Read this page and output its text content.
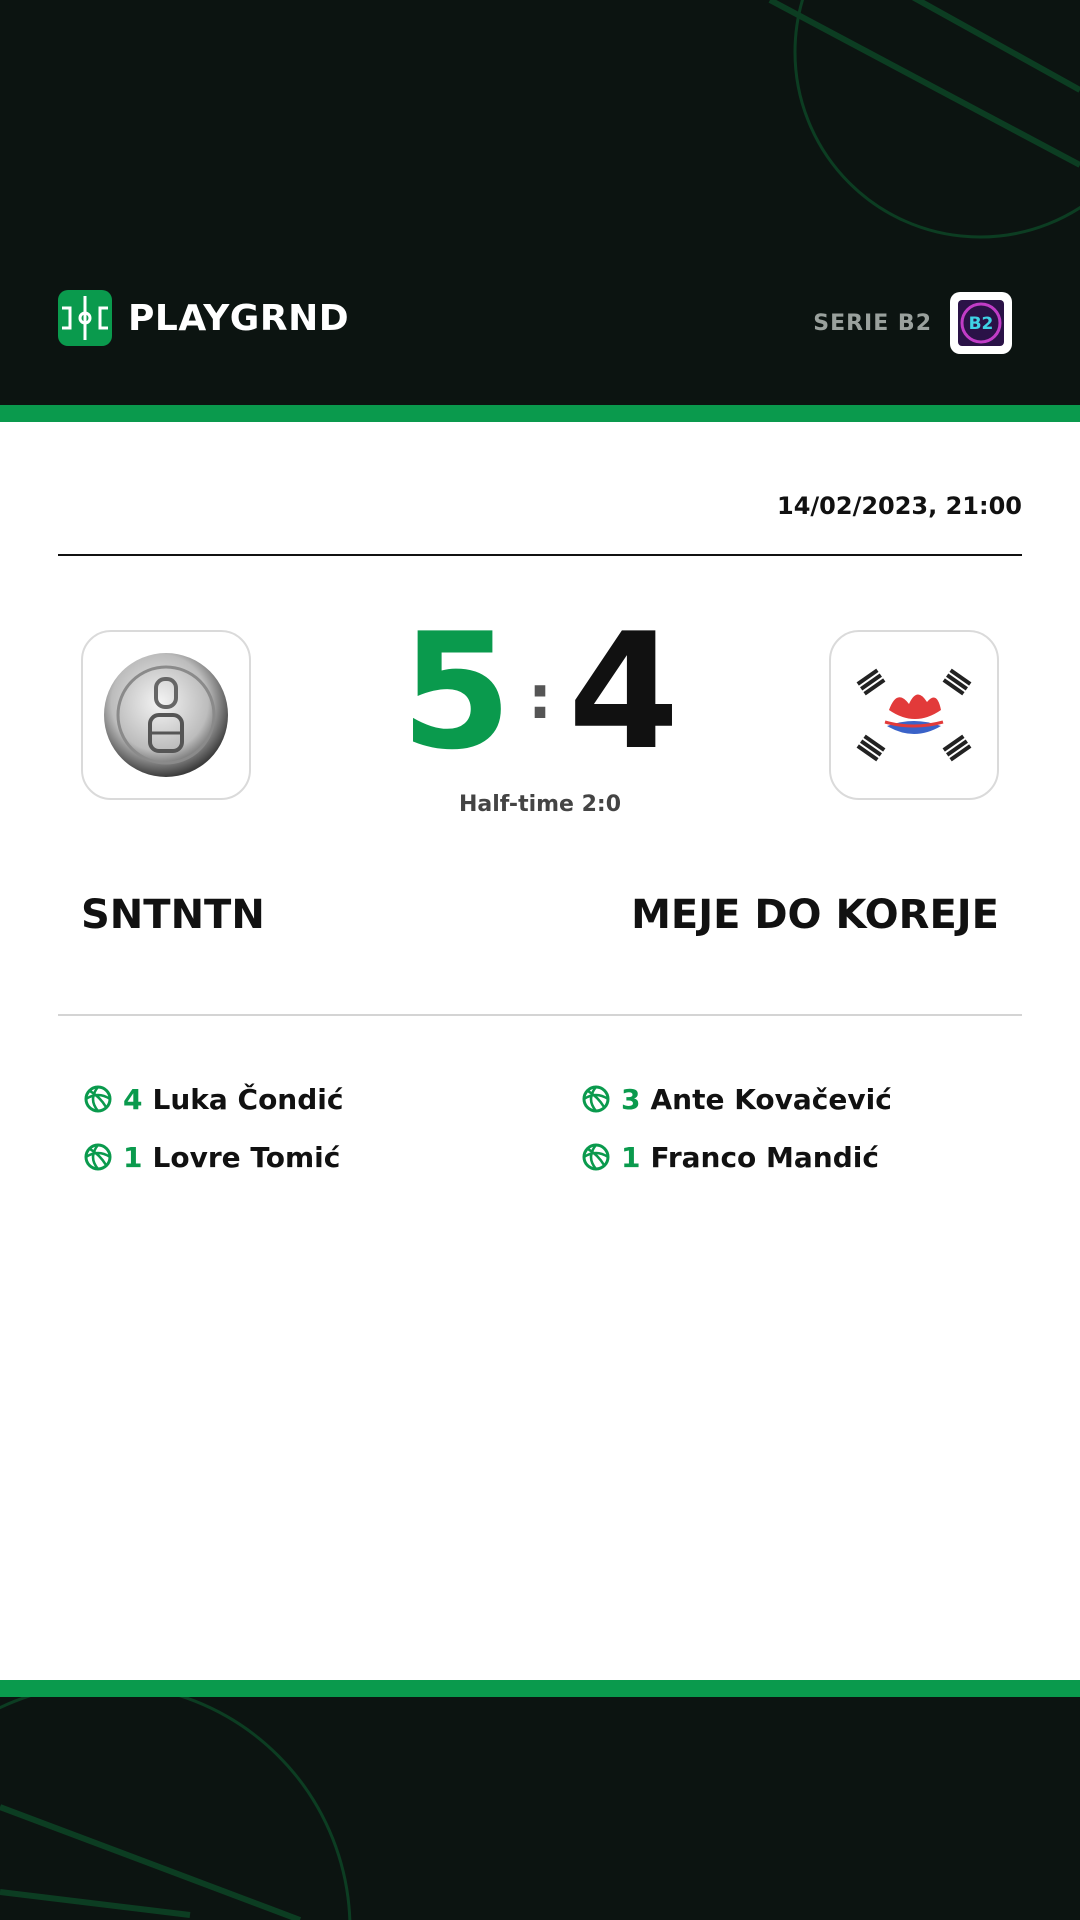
PLAYGRND	SERIE B2 B2
14/02/2023, 21:00
5 : 4
Half-time 2:0
SNTNTN	MEJE DO KOREJE
4 Luka Čondić
1 Lovre Tomić
3 Ante Kovačević
1 Franco Mandić
